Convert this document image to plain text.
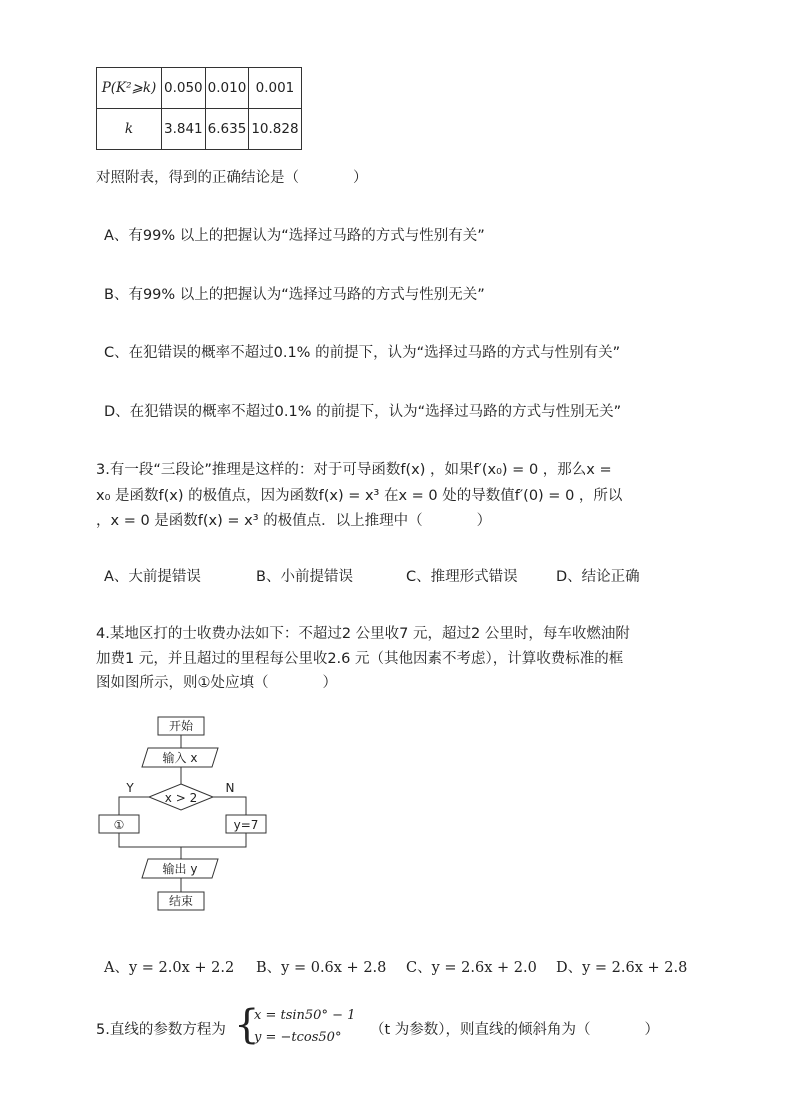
P(K²⩾k)	0.050	0.010	0.001
k	3.841	6.635	10.828
对照附表，得到的正确结论是（	）
A、有99% 以上的把握认为“选择过马路的方式与性别有关”
B、有99% 以上的把握认为“选择过马路的方式与性别无关”
C、在犯错误的概率不超过0.1% 的前提下，认为“选择过马路的方式与性别有关”
D、在犯错误的概率不超过0.1% 的前提下，认为“选择过马路的方式与性别无关”
3.有一段“三段论”推理是这样的：对于可导函数f(x) ，如果f′(x₀) = 0 ，那么x =
x₀ 是函数f(x) 的极值点，因为函数f(x) = x³ 在x = 0 处的导数值f′(0) = 0 ，所以
，x = 0 是函数f(x) = x³ 的极值点．以上推理中（	）
A、大前提错误	B、小前提错误	C、推理形式错误	D、结论正确
4.某地区打的士收费办法如下：不超过2 公里收7 元，超过2 公里时，每车收燃油附
加费1 元，并且超过的里程每公里收2.6 元（其他因素不考虑），计算收费标准的框
图如图所示，则①处应填（	）
开始
输入 x
x > 2
Y	N
①	y=7
输出 y
结束
A、y = 2.0x + 2.2 B、y = 0.6x + 2.8 C、y = 2.6x + 2.0 D、y = 2.6x + 2.8
5.直线的参数方程为 {
x = tsin50° − 1
y = −tcos50° （t 为参数），则直线的倾斜角为（	）
